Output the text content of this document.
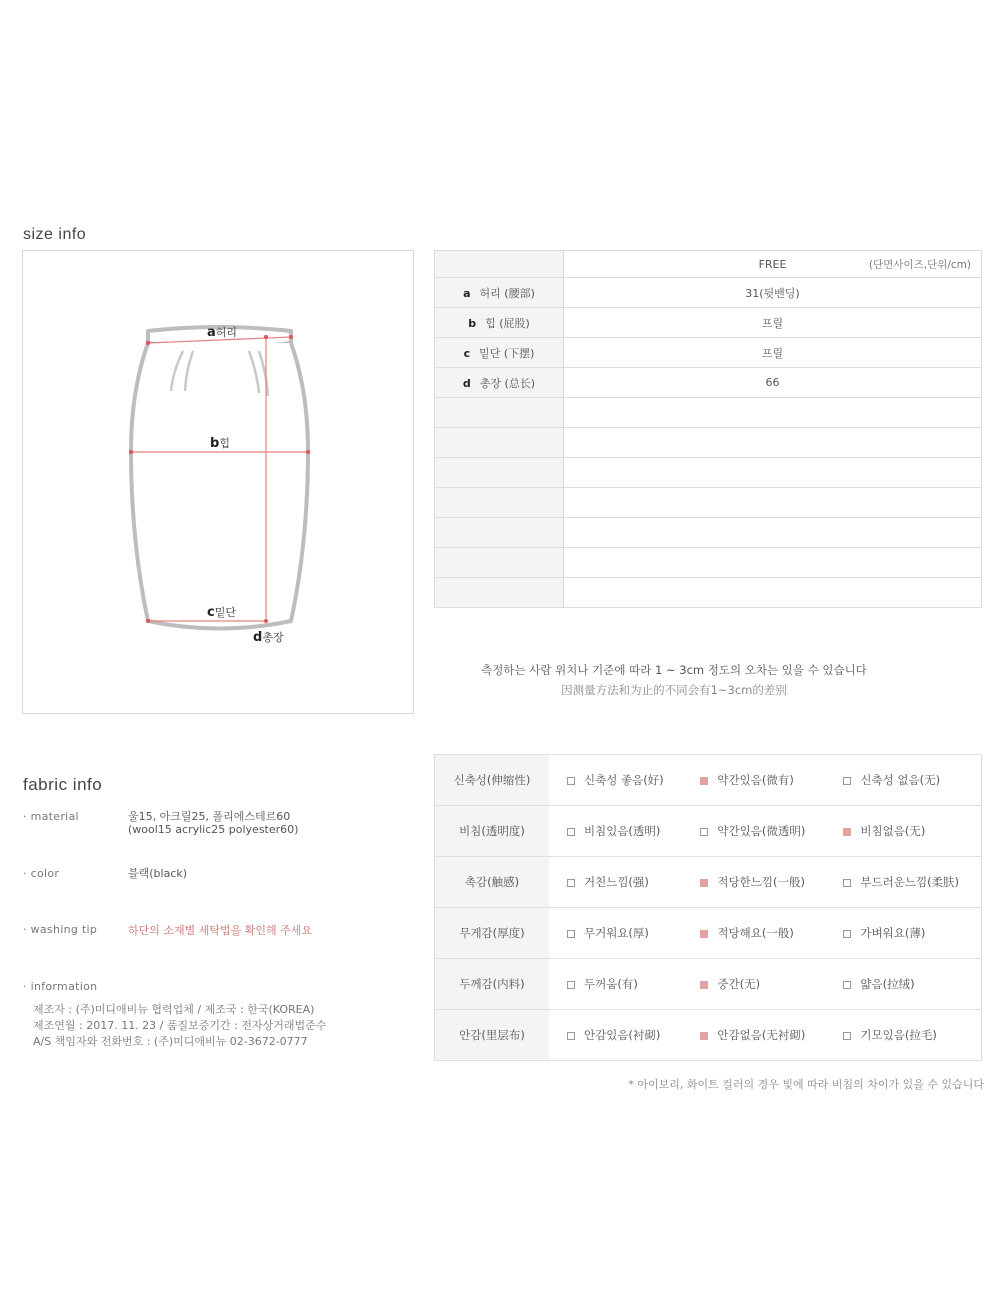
size info
a허리
b힙
c밑단
d총장
	FREE (단면사이즈,단위/cm)

a 허리 (腰部)	31(뒷밴딩)
b 힙 (屁股)	프릴
c 밑단 (下摆)	프릴
d 총장 (总长)	66

측정하는 사람 위치나 기준에 따라 1 ~ 3cm 정도의 오차는 있을 수 있습니다
因测量方法和为止的不同会有1~3cm的差别
fabric info
· material	울15, 아크릴25, 폴리에스테르60
(wool15 acrylic25 polyester60)
· color	블랙(black)
· washing tip	하단의 소재별 세탁법을 확인해 주세요
· information
제조자 : (주)미디애비뉴 협력업체 / 제조국 : 한국(KOREA)
제조연월 : 2017. 11. 23 / 품질보증기간 : 전자상거래법준수
A/S 책임자와 전화번호 : (주)미디애비뉴 02-3672-0777
신축성(伸缩性)	신축성 좋음(好)	약간있음(微有)	신축성 없음(无)
비침(透明度)	비침있음(透明)	약간있음(微透明)	비침없음(无)
촉감(触感)	거친느낌(强)	적당한느낌(一般)	부드러운느낌(柔肤)
무게감(厚度)	무거워요(厚)	적당해요(一般)	가벼워요(薄)
두께감(内料)	두꺼움(有)	중간(无)	얇음(拉绒)
안감(里层布)	안감있음(衬砌)	안감없음(无衬砌)	기모있음(拉毛)
* 아이보리, 화이트 컬러의 경우 빛에 따라 비침의 차이가 있을 수 있습니다
